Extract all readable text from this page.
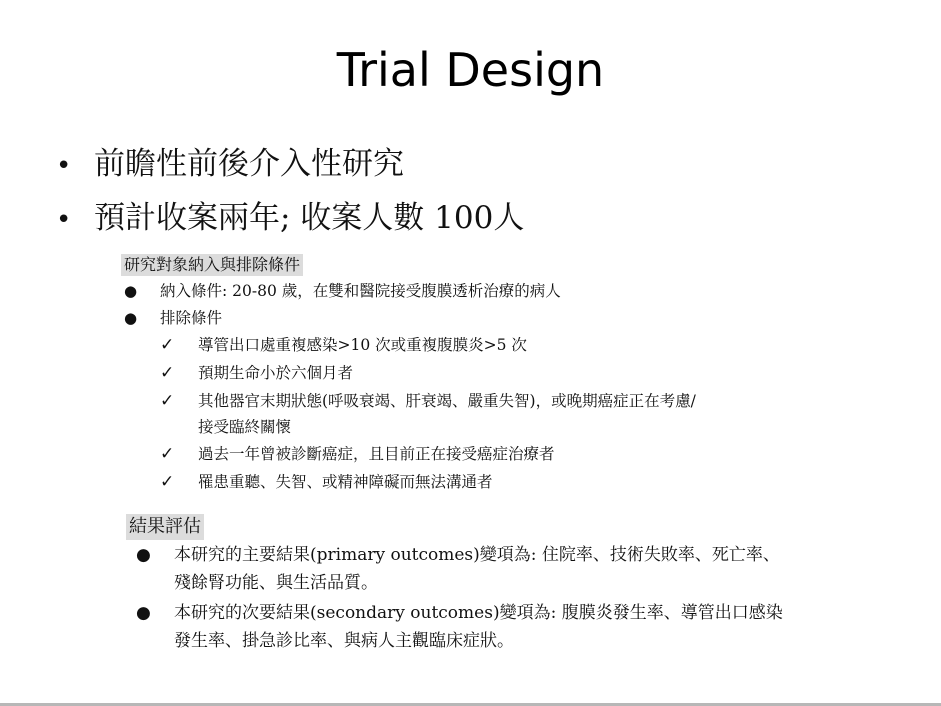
Trial Design
• 前瞻性前後介入性研究
• 預計收案兩年; 收案人數 100人
研究對象納入與排除條件
● 納入條件: 20-80 歲，在雙和醫院接受腹膜透析治療的病人
● 排除條件
✓ 導管出口處重複感染>10 次或重複腹膜炎>5 次
✓ 預期生命小於六個月者
✓ 其他器官末期狀態(呼吸衰竭、肝衰竭、嚴重失智)，或晚期癌症正在考慮/
接受臨終關懷
✓ 過去一年曾被診斷癌症，且目前正在接受癌症治療者
✓ 罹患重聽、失智、或精神障礙而無法溝通者
結果評估
● 本研究的主要結果(primary outcomes)變項為: 住院率、技術失敗率、死亡率、
殘餘腎功能、與生活品質。
● 本研究的次要結果(secondary outcomes)變項為: 腹膜炎發生率、導管出口感染
發生率、掛急診比率、與病人主觀臨床症狀。
